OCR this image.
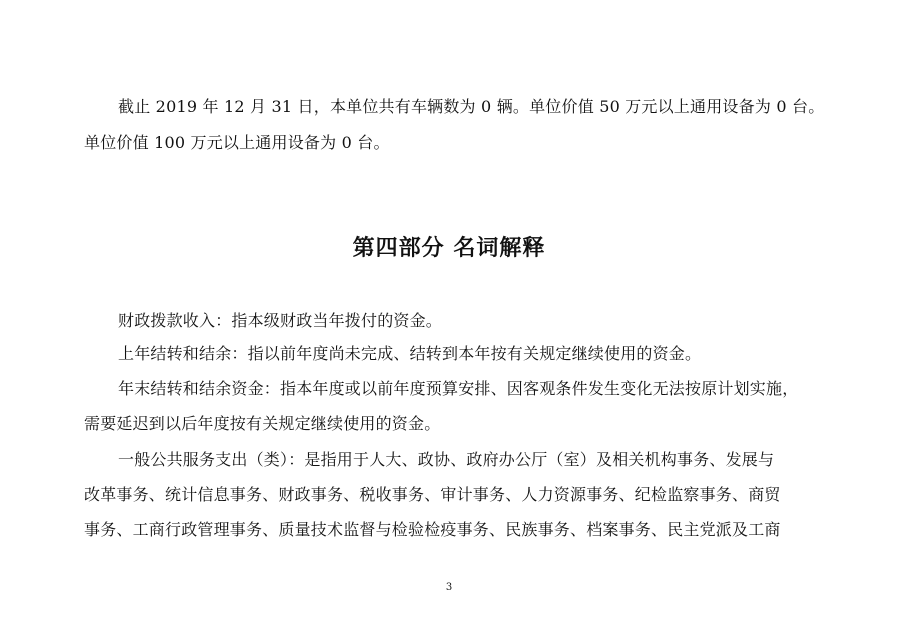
截止 2019 年 12 月 31 日，本单位共有车辆数为 0 辆。单位价值 50 万元以上通用设备为 0 台。
单位价值 100 万元以上通用设备为 0 台。
第四部分 名词解释
财政拨款收入：指本级财政当年拨付的资金。
上年结转和结余：指以前年度尚未完成、结转到本年按有关规定继续使用的资金。
年末结转和结余资金：指本年度或以前年度预算安排、因客观条件发生变化无法按原计划实施，
需要延迟到以后年度按有关规定继续使用的资金。
一般公共服务支出（类）：是指用于人大、政协、政府办公厅（室）及相关机构事务、发展与
改革事务、统计信息事务、财政事务、税收事务、审计事务、人力资源事务、纪检监察事务、商贸
事务、工商行政管理事务、质量技术监督与检验检疫事务、民族事务、档案事务、民主党派及工商
3
